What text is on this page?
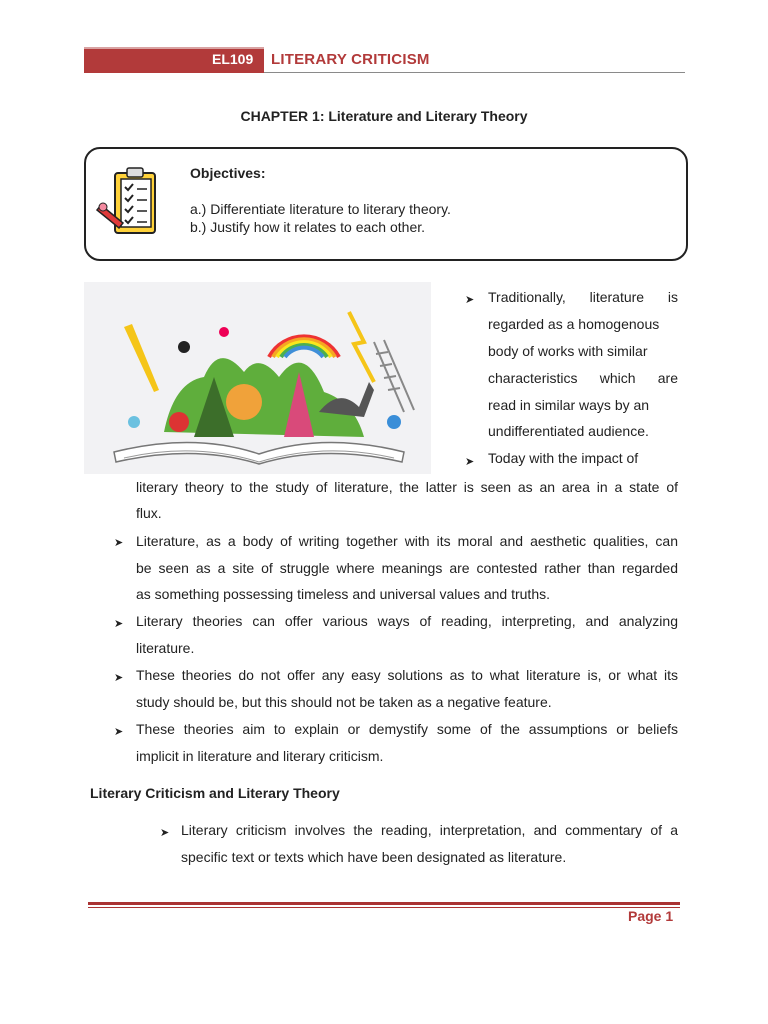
EL109 LITERARY CRITICISM
CHAPTER 1: Literature and Literary Theory
Objectives:
a.) Differentiate literature to literary theory.
b.) Justify how it relates to each other.
➤ Traditionally, literature is
regarded as a homogenous
body of works with similar
characteristics which are
read in similar ways by an
undifferentiated audience.
➤ Today with the impact of
literary theory to the study of literature, the latter is seen as an area in a state of
flux.
➤ Literature, as a body of writing together with its moral and aesthetic qualities, can
be seen as a site of struggle where meanings are contested rather than regarded
as something possessing timeless and universal values and truths.
➤ Literary theories can offer various ways of reading, interpreting, and analyzing
literature.
➤ These theories do not offer any easy solutions as to what literature is, or what its
study should be, but this should not be taken as a negative feature.
➤ These theories aim to explain or demystify some of the assumptions or beliefs
implicit in literature and literary criticism.
Literary Criticism and Literary Theory
➤ Literary criticism involves the reading, interpretation, and commentary of a
specific text or texts which have been designated as literature.
Page 1
